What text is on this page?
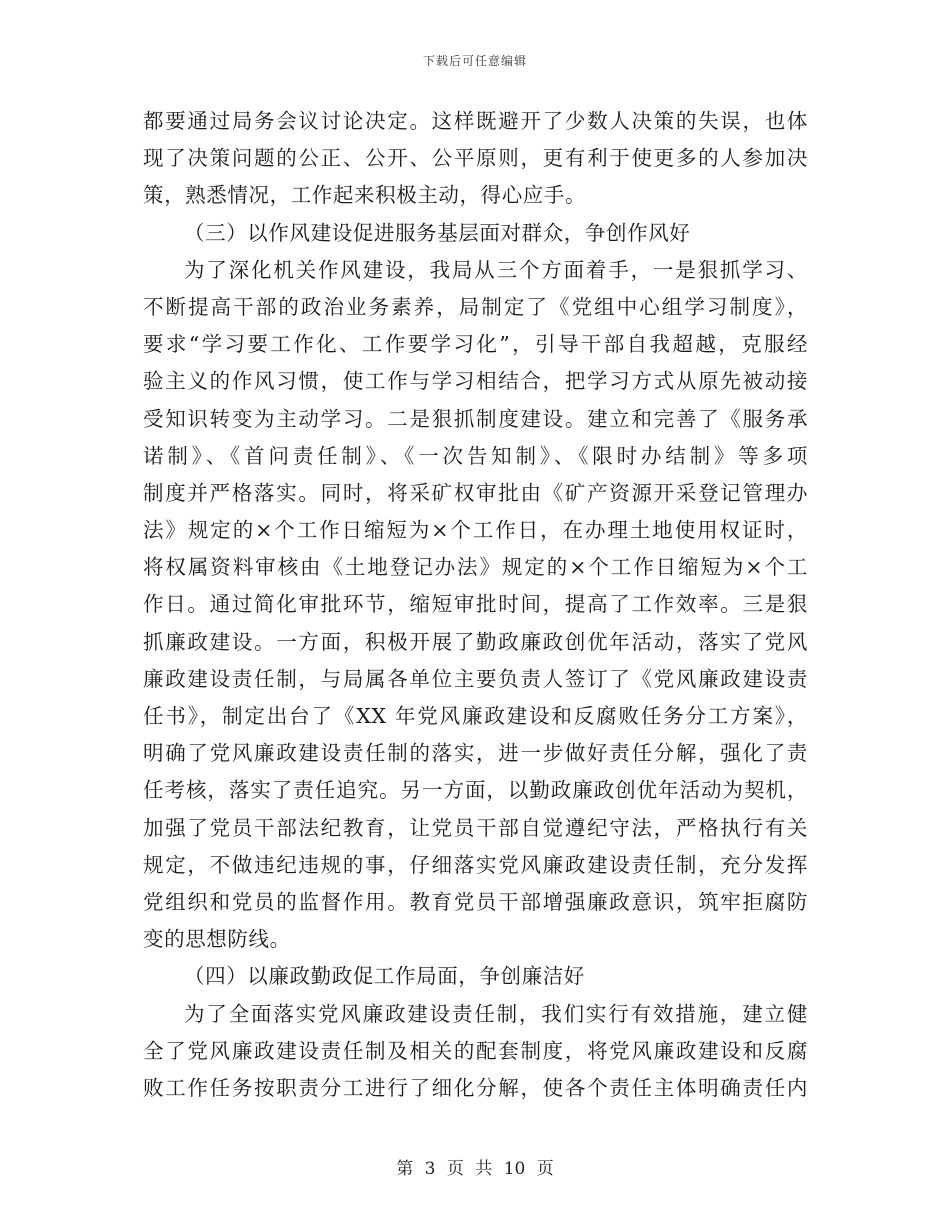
下载后可任意编辑
都要通过局务会议讨论决定。这样既避开了少数人决策的失误，也体
现了决策问题的公正、公开、公平原则，更有利于使更多的人参加决
策，熟悉情况，工作起来积极主动，得心应手。
（三）以作风建设促进服务基层面对群众，争创作风好
为了深化机关作风建设，我局从三个方面着手，一是狠抓学习、
不断提高干部的政治业务素养，局制定了《党组中心组学习制度》，
要求“学习要工作化、工作要学习化”，引导干部自我超越，克服经
验主义的作风习惯，使工作与学习相结合，把学习方式从原先被动接
受知识转变为主动学习。二是狠抓制度建设。建立和完善了《服务承
诺制》、《首问责任制》、《一次告知制》、《限时办结制》等多项
制度并严格落实。同时，将采矿权审批由《矿产资源开采登记管理办
法》规定的×个工作日缩短为×个工作日，在办理土地使用权证时，
将权属资料审核由《土地登记办法》规定的×个工作日缩短为×个工
作日。通过简化审批环节，缩短审批时间，提高了工作效率。三是狠
抓廉政建设。一方面，积极开展了勤政廉政创优年活动，落实了党风
廉政建设责任制，与局属各单位主要负责人签订了《党风廉政建设责
任书》，制定出台了《XX 年党风廉政建设和反腐败任务分工方案》，
明确了党风廉政建设责任制的落实，进一步做好责任分解，强化了责
任考核，落实了责任追究。另一方面，以勤政廉政创优年活动为契机，
加强了党员干部法纪教育，让党员干部自觉遵纪守法，严格执行有关
规定，不做违纪违规的事，仔细落实党风廉政建设责任制，充分发挥
党组织和党员的监督作用。教育党员干部增强廉政意识，筑牢拒腐防
变的思想防线。
（四）以廉政勤政促工作局面，争创廉洁好
为了全面落实党风廉政建设责任制，我们实行有效措施，建立健
全了党风廉政建设责任制及相关的配套制度，将党风廉政建设和反腐
败工作任务按职责分工进行了细化分解，使各个责任主体明确责任内
第 3 页 共 10 页
